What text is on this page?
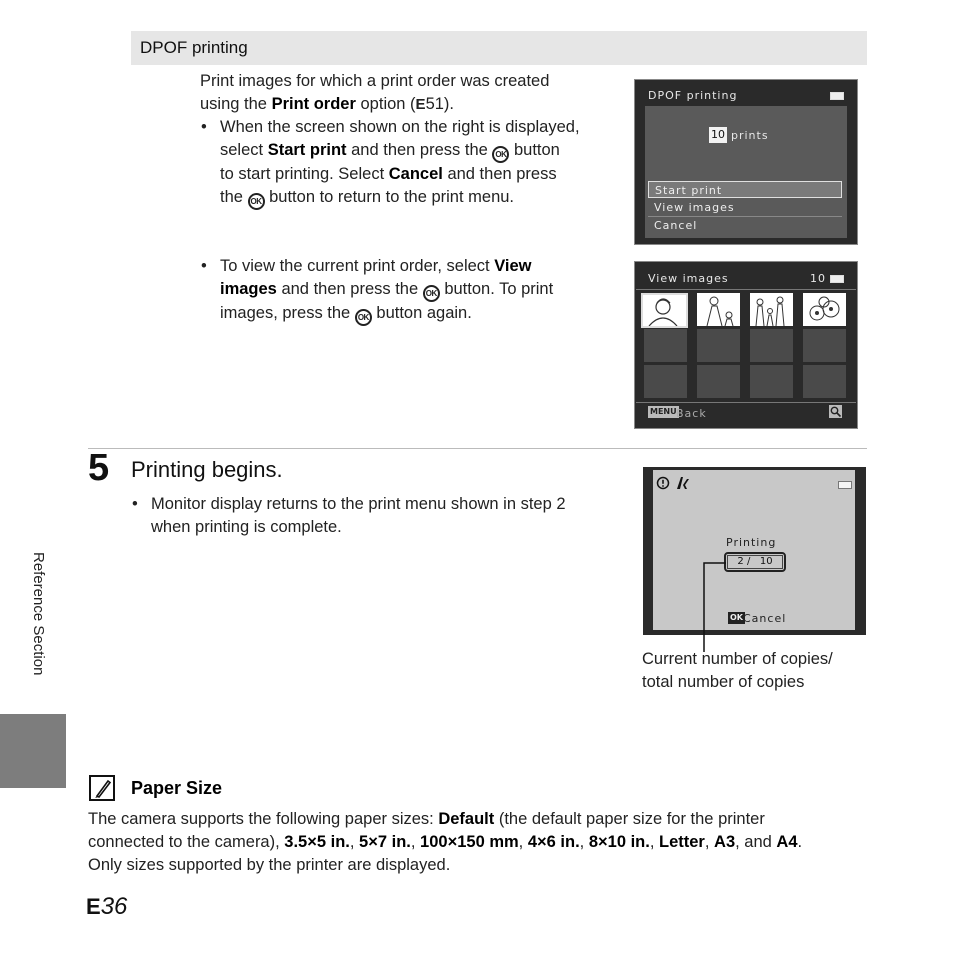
DPOF printing
Print images for which a print order was created
using the Print order option (E51).
• When the screen shown on the right is displayed,
select Start print and then press the OK button
to start printing. Select Cancel and then press
the OK button to return to the print menu.
• To view the current print order, select View
images and then press the OK button. To print
images, press the OK button again.
DPOF printing
10 prints
Start print
View images
Cancel
View images	10
MENU Back
5 Printing begins.
• Monitor display returns to the print menu shown in step 2
when printing is complete.
Printing
2 /   10
OK Cancel
Current number of copies/
total number of copies
Reference Section
Paper Size
The camera supports the following paper sizes: Default (the default paper size for the printer
connected to the camera), 3.5×5 in., 5×7 in., 100×150 mm, 4×6 in., 8×10 in., Letter, A3, and A4.
Only sizes supported by the printer are displayed.
E36
